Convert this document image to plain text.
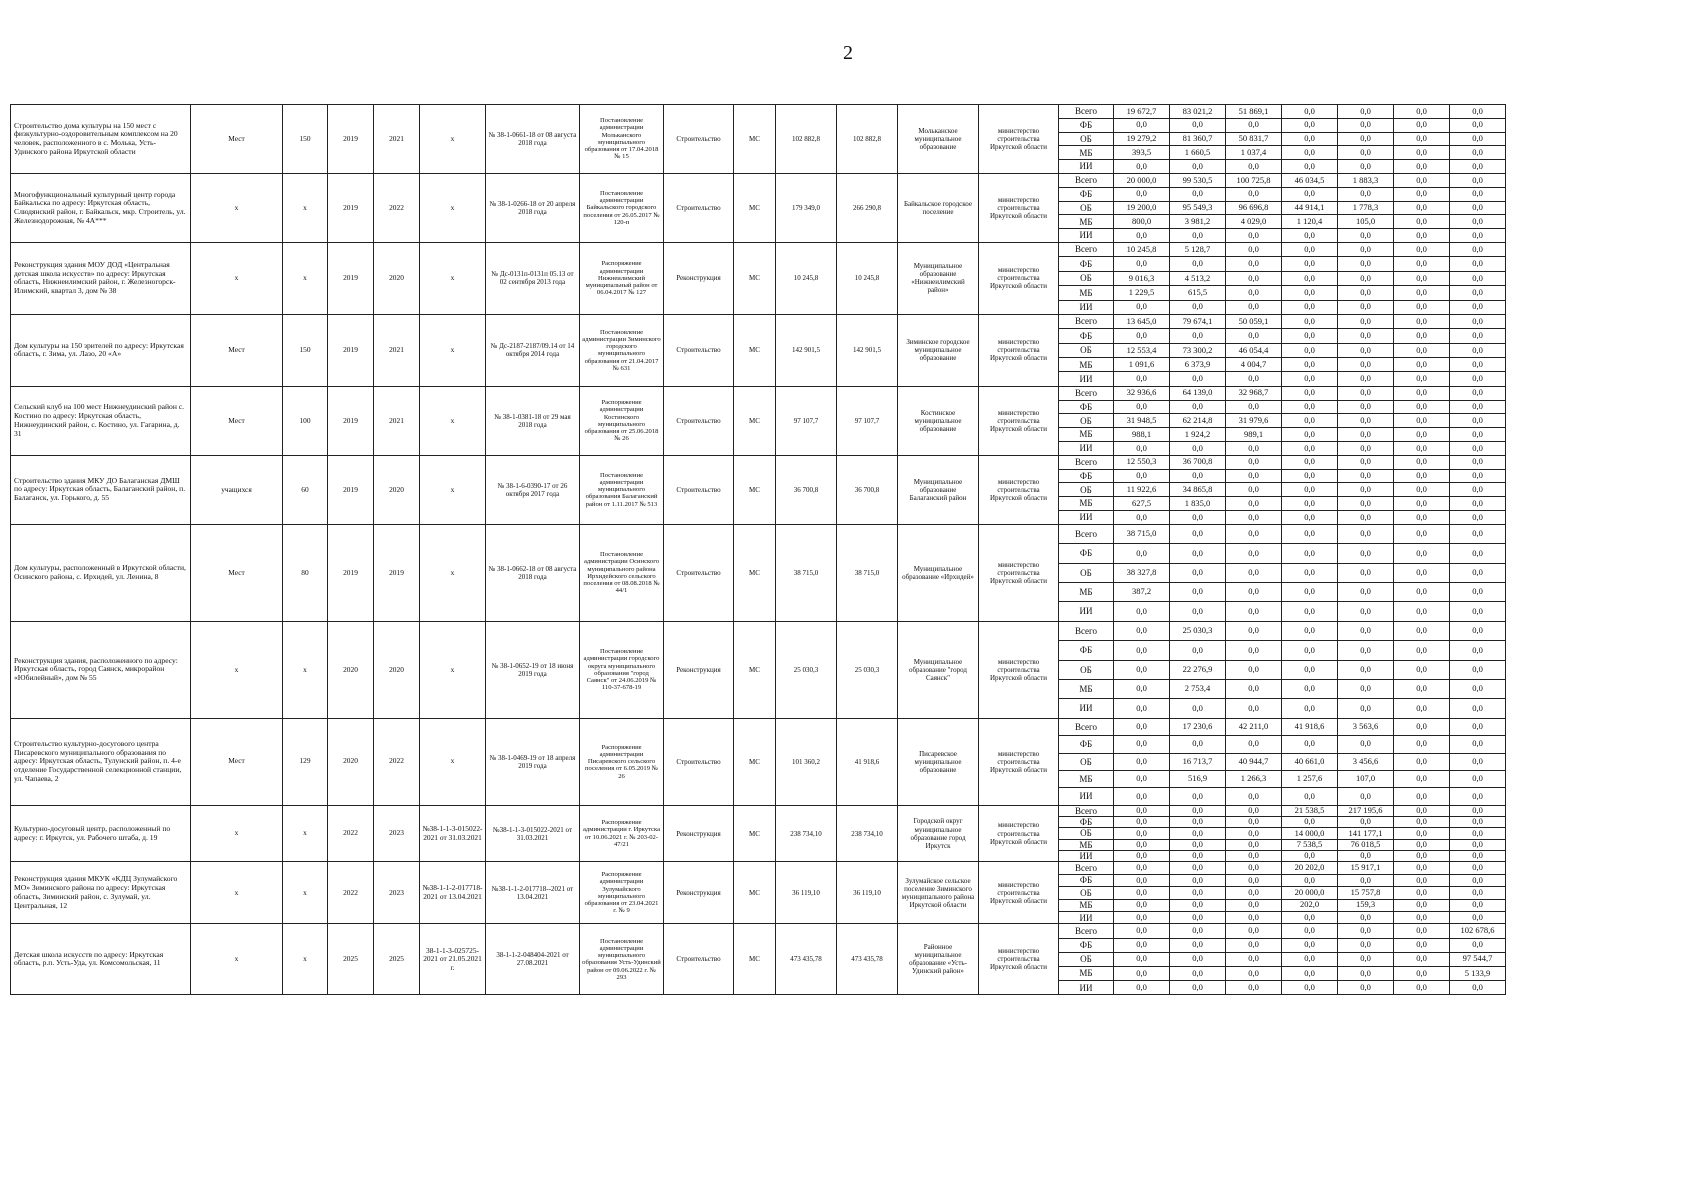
2
Строительство дома культуры на 150 мест с физкультурно-оздоровительным комплексом на 20 человек, расположенного в с. Молька, Усть-Удинского района Иркутской области	Мест	150	2019	2021	x	№ 38-1-0661-18 от 08 августа 2018 года	Постановление администрации Мольканского муниципального образования от 17.04.2018 № 15	Строительство	МС	102 882,8	102 882,8	Мольканское муниципальное образование	министерство строительства Иркутской области	Всего	19 672,7	83 021,2	51 869,1	0,0	0,0	0,0	0,0
														ФБ	0,0	0,0	0,0	0,0	0,0	0,0	0,0
														ОБ	19 279,2	81 360,7	50 831,7	0,0	0,0	0,0	0,0
														МБ	393,5	1 660,5	1 037,4	0,0	0,0	0,0	0,0
														ИИ	0,0	0,0	0,0	0,0	0,0	0,0	0,0
Многофункциональный культурный центр города Байкальска по адресу: Иркутская область, Слюдянский район, г. Байкальск, мкр. Строитель, ул. Железнодорожная, № 4А***	x	x	2019	2022	x	№ 38-1-0266-18 от 20 апреля 2018 года	Постановление администрации Байкальского городского поселения от 26.05.2017 № 120-п	Строительство	МС	179 349,0	266 290,8	Байкальское городское поселение	министерство строительства Иркутской области	Всего	20 000,0	99 530,5	100 725,8	46 034,5	1 883,3	0,0	0,0
														ФБ	0,0	0,0	0,0	0,0	0,0	0,0	0,0
														ОБ	19 200,0	95 549,3	96 696,8	44 914,1	1 778,3	0,0	0,0
														МБ	800,0	3 981,2	4 029,0	1 120,4	105,0	0,0	0,0
														ИИ	0,0	0,0	0,0	0,0	0,0	0,0	0,0
Реконструкция здания МОУ ДОД «Центральная детская школа искусств» по адресу: Иркутская область, Нижнеилимский район, г. Железногорск-Илимский, квартал 3, дом № 38	x	x	2019	2020	x	№ Дс-0131п-0131п 05.13 от 02 сентября 2013 года	Распоряжение администрации Нижнеилимский муниципальный район от 06.04.2017 № 127	Реконструкция	МС	10 245,8	10 245,8	Муниципальное образование «Нижнеилимский район»	министерство строительства Иркутской области	Всего	10 245,8	5 128,7	0,0	0,0	0,0	0,0	0,0
														ФБ	0,0	0,0	0,0	0,0	0,0	0,0	0,0
														ОБ	9 016,3	4 513,2	0,0	0,0	0,0	0,0	0,0
														МБ	1 229,5	615,5	0,0	0,0	0,0	0,0	0,0
														ИИ	0,0	0,0	0,0	0,0	0,0	0,0	0,0
Дом культуры на 150 зрителей по адресу: Иркутская область, г. Зима, ул. Лазо, 20 «А»	Мест	150	2019	2021	x	№ Дс-2187-2187/09.14 от 14 октября 2014 года	Постановление администрации Зиминского городского муниципального образования от 21.04.2017 № 631	Строительство	МС	142 901,5	142 901,5	Зиминское городское муниципальное образование	министерство строительства Иркутской области	Всего	13 645,0	79 674,1	50 059,1	0,0	0,0	0,0	0,0
														ФБ	0,0	0,0	0,0	0,0	0,0	0,0	0,0
														ОБ	12 553,4	73 300,2	46 054,4	0,0	0,0	0,0	0,0
														МБ	1 091,6	6 373,9	4 004,7	0,0	0,0	0,0	0,0
														ИИ	0,0	0,0	0,0	0,0	0,0	0,0	0,0
Сельский клуб на 100 мест Нижнеудинский район с. Костино по адресу: Иркутская область, Нижнеудинский район, с. Костино, ул. Гагарина, д. 31	Мест	100	2019	2021	x	№ 38-1-0381-18 от 29 мая 2018 года	Распоряжение администрации Костинского муниципального образования от 25.06.2018 № 26	Строительство	МС	97 107,7	97 107,7	Костинское муниципальное образование	министерство строительства Иркутской области	Всего	32 936,6	64 139,0	32 968,7	0,0	0,0	0,0	0,0
														ФБ	0,0	0,0	0,0	0,0	0,0	0,0	0,0
														ОБ	31 948,5	62 214,8	31 979,6	0,0	0,0	0,0	0,0
														МБ	988,1	1 924,2	989,1	0,0	0,0	0,0	0,0
														ИИ	0,0	0,0	0,0	0,0	0,0	0,0	0,0
Строительство здания МКУ ДО Балаганская ДМШ по адресу: Иркутская область, Балаганский район, п. Балаганск, ул. Горького, д. 55	учащихся	60	2019	2020	x	№ 38-1-6-0390-17 от 26 октября 2017 года	Постановление администрации муниципального образования Балаганский район от 1.11.2017 № 513	Строительство	МС	36 700,8	36 700,8	Муниципальное образование Балаганский район	министерство строительства Иркутской области	Всего	12 550,3	36 700,8	0,0	0,0	0,0	0,0	0,0
														ФБ	0,0	0,0	0,0	0,0	0,0	0,0	0,0
														ОБ	11 922,6	34 865,8	0,0	0,0	0,0	0,0	0,0
														МБ	627,5	1 835,0	0,0	0,0	0,0	0,0	0,0
														ИИ	0,0	0,0	0,0	0,0	0,0	0,0	0,0
Дом культуры, расположенный в Иркутской области, Осинского района, с. Ирхидей, ул. Ленина, 8	Мест	80	2019	2019	x	№ 38-1-0662-18 от 08 августа 2018 года	Постановление администрации Осинского муниципального района Ирхидейского сельского поселения от 08.08.2018 № 44/1	Строительство	МС	38 715,0	38 715,0	Муниципальное образование «Ирхидей»	министерство строительства Иркутской области	Всего	38 715,0	0,0	0,0	0,0	0,0	0,0	0,0
														ФБ	0,0	0,0	0,0	0,0	0,0	0,0	0,0
														ОБ	38 327,8	0,0	0,0	0,0	0,0	0,0	0,0
														МБ	387,2	0,0	0,0	0,0	0,0	0,0	0,0
														ИИ	0,0	0,0	0,0	0,0	0,0	0,0	0,0
Реконструкция здания, расположенного по адресу: Иркутская область, город Саянск, микрорайон «Юбилейный», дом № 55	x	x	2020	2020	x	№ 38-1-0652-19 от 18 июня 2019 года	Постановление администрации городского округа муниципального образования "город Саянск" от 24.06.2019 № 110-37-678-19	Реконструкция	МС	25 030,3	25 030,3	Муниципальное образование "город Саянск"	министерство строительства Иркутской области	Всего	0,0	25 030,3	0,0	0,0	0,0	0,0	0,0
														ФБ	0,0	0,0	0,0	0,0	0,0	0,0	0,0
														ОБ	0,0	22 276,9	0,0	0,0	0,0	0,0	0,0
														МБ	0,0	2 753,4	0,0	0,0	0,0	0,0	0,0
														ИИ	0,0	0,0	0,0	0,0	0,0	0,0	0,0
Строительство культурно-досугового центра Писаревского муниципального образования по адресу: Иркутская область, Тулунский район, п. 4-е отделение Государственной селекционной станции, ул. Чапаева, 2	Мест	129	2020	2022	x	№ 38-1-0469-19 от 18 апреля 2019 года	Распоряжение администрации Писаревского сельского поселения от 6.05.2019 № 26	Строительство	МС	101 360,2	41 918,6	Писаревское муниципальное образование	министерство строительства Иркутской области	Всего	0,0	17 230,6	42 211,0	41 918,6	3 563,6	0,0	0,0
														ФБ	0,0	0,0	0,0	0,0	0,0	0,0	0,0
														ОБ	0,0	16 713,7	40 944,7	40 661,0	3 456,6	0,0	0,0
														МБ	0,0	516,9	1 266,3	1 257,6	107,0	0,0	0,0
														ИИ	0,0	0,0	0,0	0,0	0,0	0,0	0,0
Культурно-досуговый центр, расположенный по адресу: г. Иркутск, ул. Рабочего штаба, д. 19	x	x	2022	2023	№38-1-1-3-015022-2021 от 31.03.2021	№38-1-1-3-015022-2021 от 31.03.2021	Распоряжение администрации г. Иркутска от 10.06.2021 г. № 203-02-47/21	Реконструкция	МС	238 734,10	238 734,10	Городской округ муниципальное образование город Иркутск	министерство строительства Иркутской области	Всего	0,0	0,0	0,0	21 538,5	217 195,6	0,0	0,0
														ФБ	0,0	0,0	0,0	0,0	0,0	0,0	0,0
														ОБ	0,0	0,0	0,0	14 000,0	141 177,1	0,0	0,0
														МБ	0,0	0,0	0,0	7 538,5	76 018,5	0,0	0,0
														ИИ	0,0	0,0	0,0	0,0	0,0	0,0	0,0
Реконструкция здания МКУК «КДЦ Зулумайского МО» Зиминского района по адресу: Иркутская область, Зиминский район, с. Зулумай, ул. Центральная, 12	x	x	2022	2023	№38-1-1-2-017718-2021 от 13.04.2021	№38-1-1-2-017718--2021 от 13.04.2021	Распоряжение администрации Зулумайского муниципального образования от 23.04.2021 г. № 9	Реконструкция	МС	36 119,10	36 119,10	Зулумайское сельское поселение Зиминского муниципального района Иркутской области	министерство строительства Иркутской области	Всего	0,0	0,0	0,0	20 202,0	15 917,1	0,0	0,0
														ФБ	0,0	0,0	0,0	0,0	0,0	0,0	0,0
														ОБ	0,0	0,0	0,0	20 000,0	15 757,8	0,0	0,0
														МБ	0,0	0,0	0,0	202,0	159,3	0,0	0,0
														ИИ	0,0	0,0	0,0	0,0	0,0	0,0	0,0
Детская школа искусств по адресу: Иркутская область, р.п. Усть-Уда, ул. Комсомольская, 11	x	x	2025	2025	38-1-1-3-025725-2021 от 21.05.2021 г.	38-1-1-2-048404-2021 от 27.08.2021	Постановление администрации муниципального образования Усть-Удинский район от 09.06.2022 г. № 293	Строительство	МС	473 435,78	473 435,78	Районное муниципальное образование «Усть-Удинский район»	министерство строительства Иркутской области	Всего	0,0	0,0	0,0	0,0	0,0	0,0	102 678,6
														ФБ	0,0	0,0	0,0	0,0	0,0	0,0	0,0
														ОБ	0,0	0,0	0,0	0,0	0,0	0,0	97 544,7
														МБ	0,0	0,0	0,0	0,0	0,0	0,0	5 133,9
														ИИ	0,0	0,0	0,0	0,0	0,0	0,0	0,0
